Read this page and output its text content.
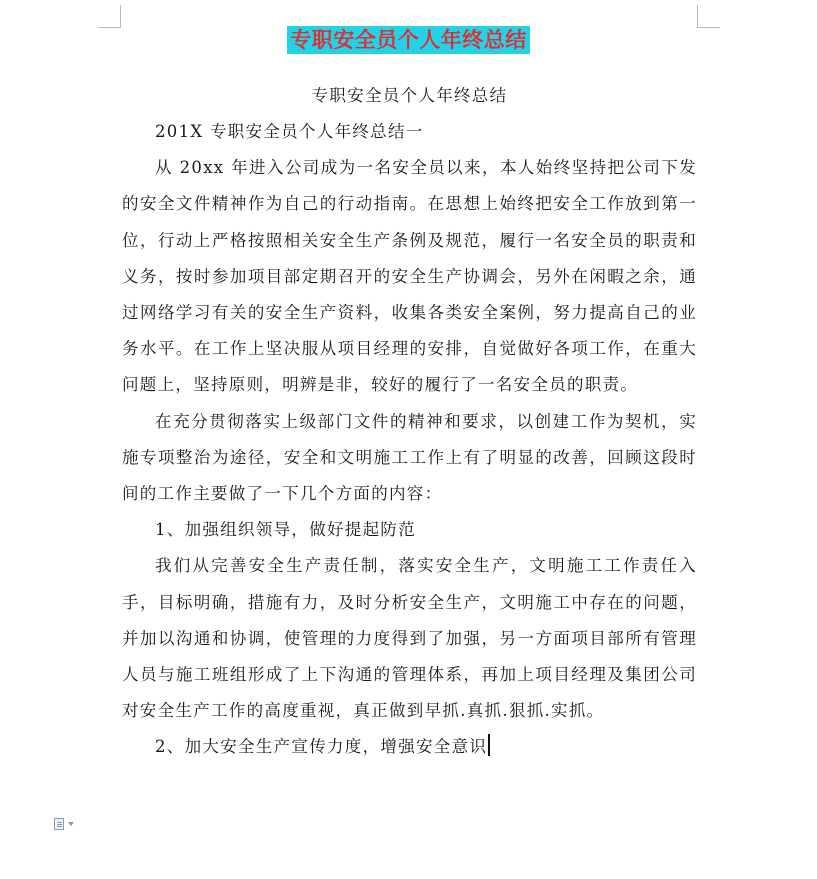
专职安全员个人年终总结

专职安全员个人年终总结

201X 专职安全员个人年终总结一

从 20xx 年进入公司成为一名安全员以来，本人始终坚持把公司下发的安全文件精神作为自己的行动指南。在思想上始终把安全工作放到第一位，行动上严格按照相关安全生产条例及规范，履行一名安全员的职责和义务，按时参加项目部定期召开的安全生产协调会，另外在闲暇之余，通过网络学习有关的安全生产资料，收集各类安全案例，努力提高自己的业务水平。在工作上坚决服从项目经理的安排，自觉做好各项工作，在重大问题上，坚持原则，明辨是非，较好的履行了一名安全员的职责。

在充分贯彻落实上级部门文件的精神和要求，以创建工作为契机，实施专项整治为途径，安全和文明施工工作上有了明显的改善，回顾这段时间的工作主要做了一下几个方面的内容：

1、加强组织领导，做好提起防范

我们从完善安全生产责任制，落实安全生产，文明施工工作责任入手，目标明确，措施有力，及时分析安全生产，文明施工中存在的问题，并加以沟通和协调，使管理的力度得到了加强，另一方面项目部所有管理人员与施工班组形成了上下沟通的管理体系，再加上项目经理及集团公司对安全生产工作的高度重视，真正做到早抓.真抓.狠抓.实抓。

2、加大安全生产宣传力度，增强安全意识
